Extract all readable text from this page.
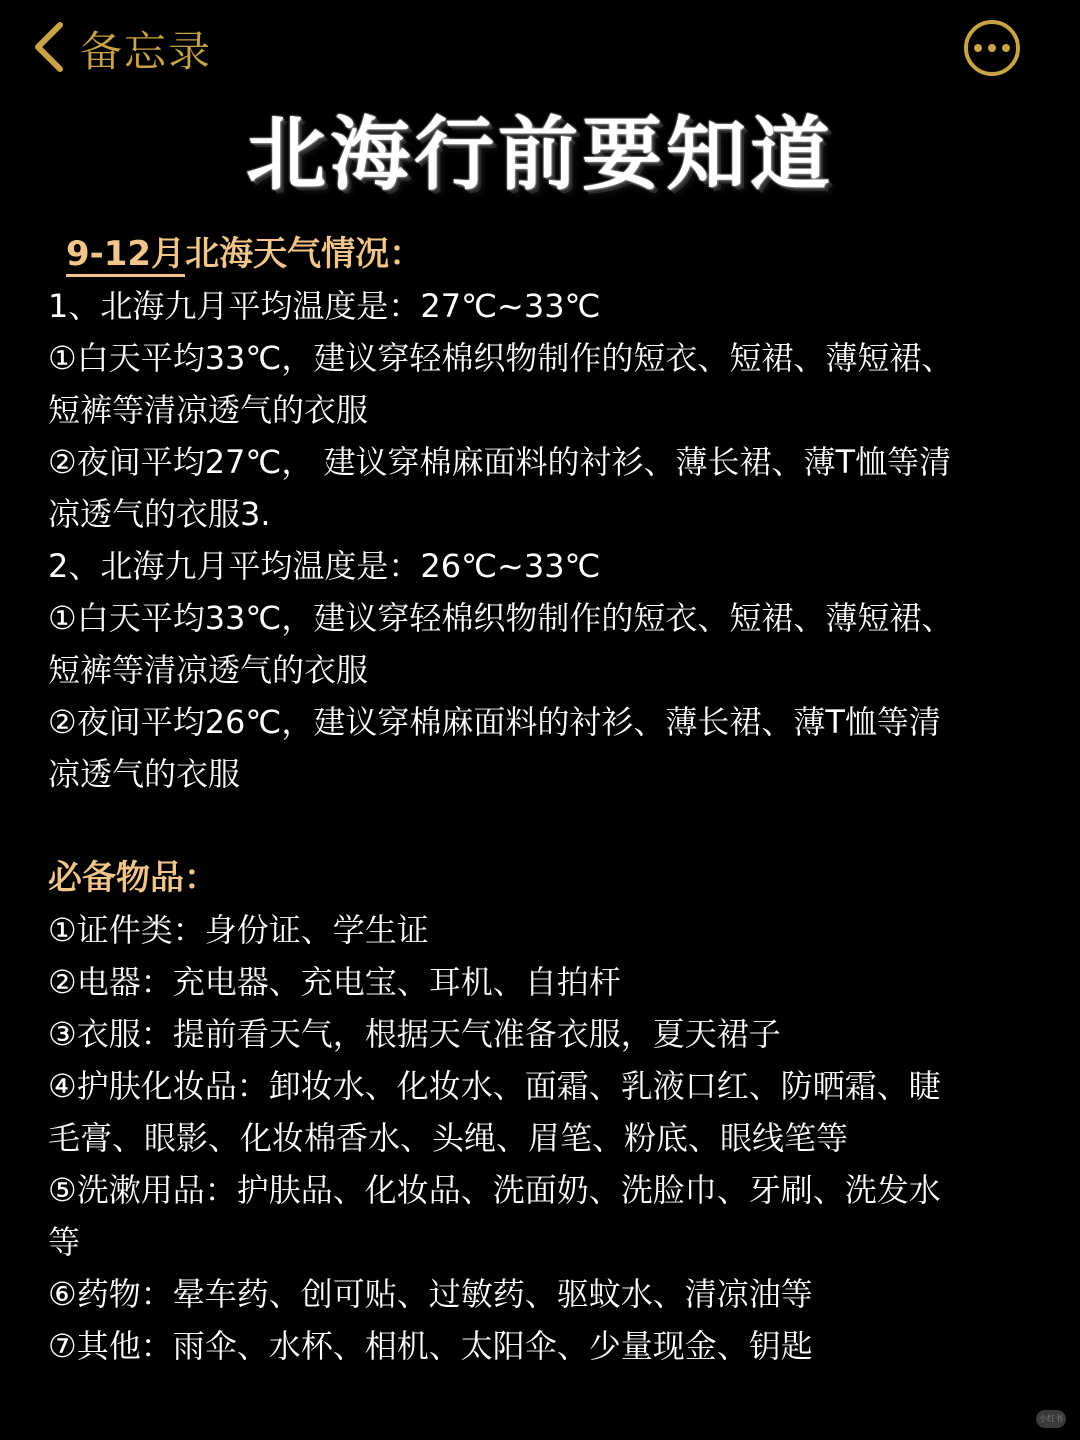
备忘录
北海行前要知道
9-12月北海天气情况：
1、北海九月平均温度是：27℃~33℃
①白天平均33℃，建议穿轻棉织物制作的短衣、短裙、薄短裙、
短裤等清凉透气的衣服
②夜间平均27℃， 建议穿棉麻面料的衬衫、薄长裙、薄T恤等清
凉透气的衣服3.
2、北海九月平均温度是：26℃~33℃
①白天平均33℃，建议穿轻棉织物制作的短衣、短裙、薄短裙、
短裤等清凉透气的衣服
②夜间平均26℃，建议穿棉麻面料的衬衫、薄长裙、薄T恤等清
凉透气的衣服
必备物品：
①证件类：身份证、学生证
②电器：充电器、充电宝、耳机、自拍杆
③衣服：提前看天气，根据天气准备衣服，夏天裙子
④护肤化妆品：卸妆水、化妆水、面霜、乳液口红、防晒霜、睫
毛膏、眼影、化妆棉香水、头绳、眉笔、粉底、眼线笔等
⑤洗漱用品：护肤品、化妆品、洗面奶、洗脸巾、牙刷、洗发水
等
⑥药物：晕车药、创可贴、过敏药、驱蚊水、清凉油等
⑦其他：雨伞、水杯、相机、太阳伞、少量现金、钥匙
小红书
